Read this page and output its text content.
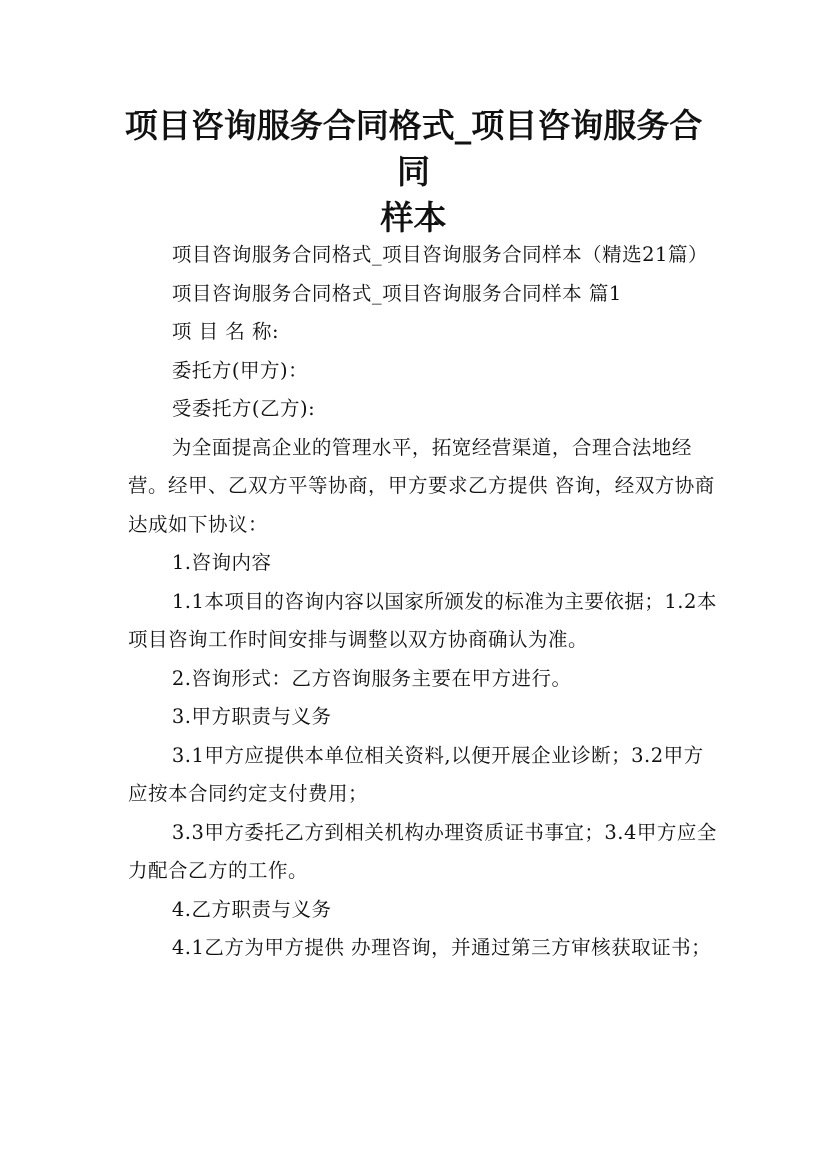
项目咨询服务合同格式_项目咨询服务合同
样本

项目咨询服务合同格式_项目咨询服务合同样本（精选21篇）

项目咨询服务合同格式_项目咨询服务合同样本 篇1

项 目 名 称:

委托方(甲方)：

受委托方(乙方):

为全面提高企业的管理水平，拓宽经营渠道，合理合法地经营。经甲、乙双方平等协商，甲方要求乙方提供 咨询，经双方协商达成如下协议：

1.咨询内容

1.1本项目的咨询内容以国家所颁发的标准为主要依据；1.2本项目咨询工作时间安排与调整以双方协商确认为准。

2.咨询形式：乙方咨询服务主要在甲方进行。

3.甲方职责与义务

3.1甲方应提供本单位相关资料,以便开展企业诊断；3.2甲方应按本合同约定支付费用；

3.3甲方委托乙方到相关机构办理资质证书事宜；3.4甲方应全力配合乙方的工作。

4.乙方职责与义务

4.1乙方为甲方提供 办理咨询，并通过第三方审核获取证书；
